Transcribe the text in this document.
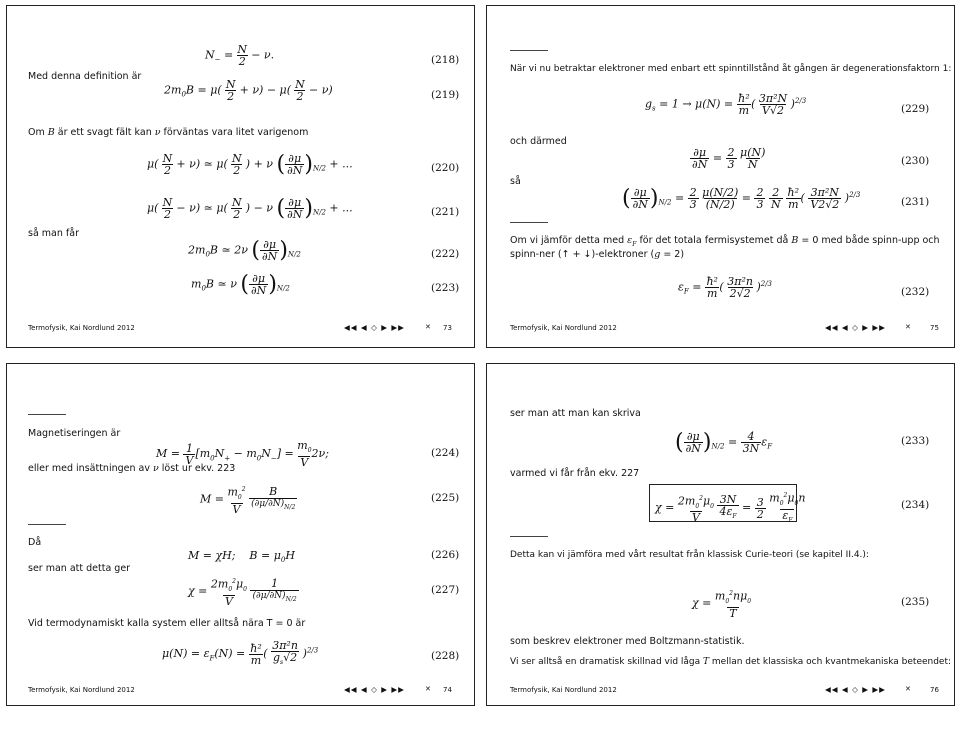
$N_- = N$
2 − ν.	(218)
Med denna definition är
$2m_0B = \mu$( N
2 + ν) − μ( N
2 − ν)	(219)
Om B är ett svagt fält kan ν förväntas vara litet varigenom
μ( N
2 + ν) ≃ μ( N
2 ) + ν ( ∂μ
$\partial N)_{N/2}$ + ...	(220)
μ( N
2 − ν) ≃ μ( N
2 ) − ν ( ∂μ
$\partial N)_{N/2}$ + ...	(221)
så man får
$2m_0B$ ≃ 2ν ( ∂μ
$\partial N)_{N/2}$	(222)
$m_0B$ ≃ ν ( ∂μ
$\partial N)_{N/2}$	(223)
Termofysik, Kai Nordlund 2012	◀◀ ◀ ◇ ▶ ▶▶	73
✕
När vi nu betraktar elektroner med enbart ett spinntillstånd åt gången är degenerationsfaktorn 1:
$g_s = 1 \to \mu(N)$ = ħ²
m ( 3π²N
V√2 )$^{2/3}$
(229)
och därmed
∂μ
∂N = 2
3 μ(N)
N	(230)
så
( ∂μ
$\partial N)_{N/2} = 2$
3 μ(N/2)
(N/2) = 2
3 2
N ħ²
m ( 3π²N
V2√2 )$^{2/3}$
(231)
Om vi jämför detta med $\varepsilon_F$ för det totala fermisystemet då B = 0 med både spinn-upp och
spinn-ner (↑ + ↓)-elektroner (g = 2)
$\varepsilon_F$ = ħ²
m ( 3π²n
2√2 )$^{2/3}$
(232)
Termofysik, Kai Nordlund 2012	◀◀ ◀ ◇ ▶ ▶▶	✕	75
Magnetiseringen är
M = 1
V $[m_0N_+ - m_0N_-] = m_0$
V2ν;	(224)
eller med insättningen av ν löst ur ekv. 223
$M = m_0^2$
V B
$(\partial\mu/\partial N)_{N/2}$
(225)
Då
M = χH;    $B = \mu_0H$	(226)
ser man att detta ger
$\chi = 2m_0^2\mu_0$
V 1
$(\partial\mu/\partial N)_{N/2}$
(227)
Vid termodynamiskt kalla system eller alltså nära T = 0 är
$\mu(N) = \varepsilon_F(N)$ = ħ²
m ( 3π²n
$g_s√2$ )$^{2/3}$	(228)
Termofysik, Kai Nordlund 2012	◀◀ ◀ ◇ ▶ ▶▶	✕ 74
ser man att man kan skriva
( ∂μ
$\partial N)_{N/2} = 4$
3N $\varepsilon_F$	(233)
varmed vi får från ekv. 227
$\chi = 2m_0^2\mu_0$
V 3N
$4\varepsilon_F = 3$
2 $m_0^2\mu_0n$
$\varepsilon_F$
(234)
Detta kan vi jämföra med vårt resultat från klassisk Curie-teori (se kapitel II.4.):
$\chi = m_0^2n\mu_0$
T
(235)
som beskrev elektroner med Boltzmann-statistik.
Vi ser alltså en dramatisk skillnad vid låga T mellan det klassiska och kvantmekaniska beteendet:
Termofysik, Kai Nordlund 2012	◀◀ ◀ ◇ ▶ ▶▶	✕	76
